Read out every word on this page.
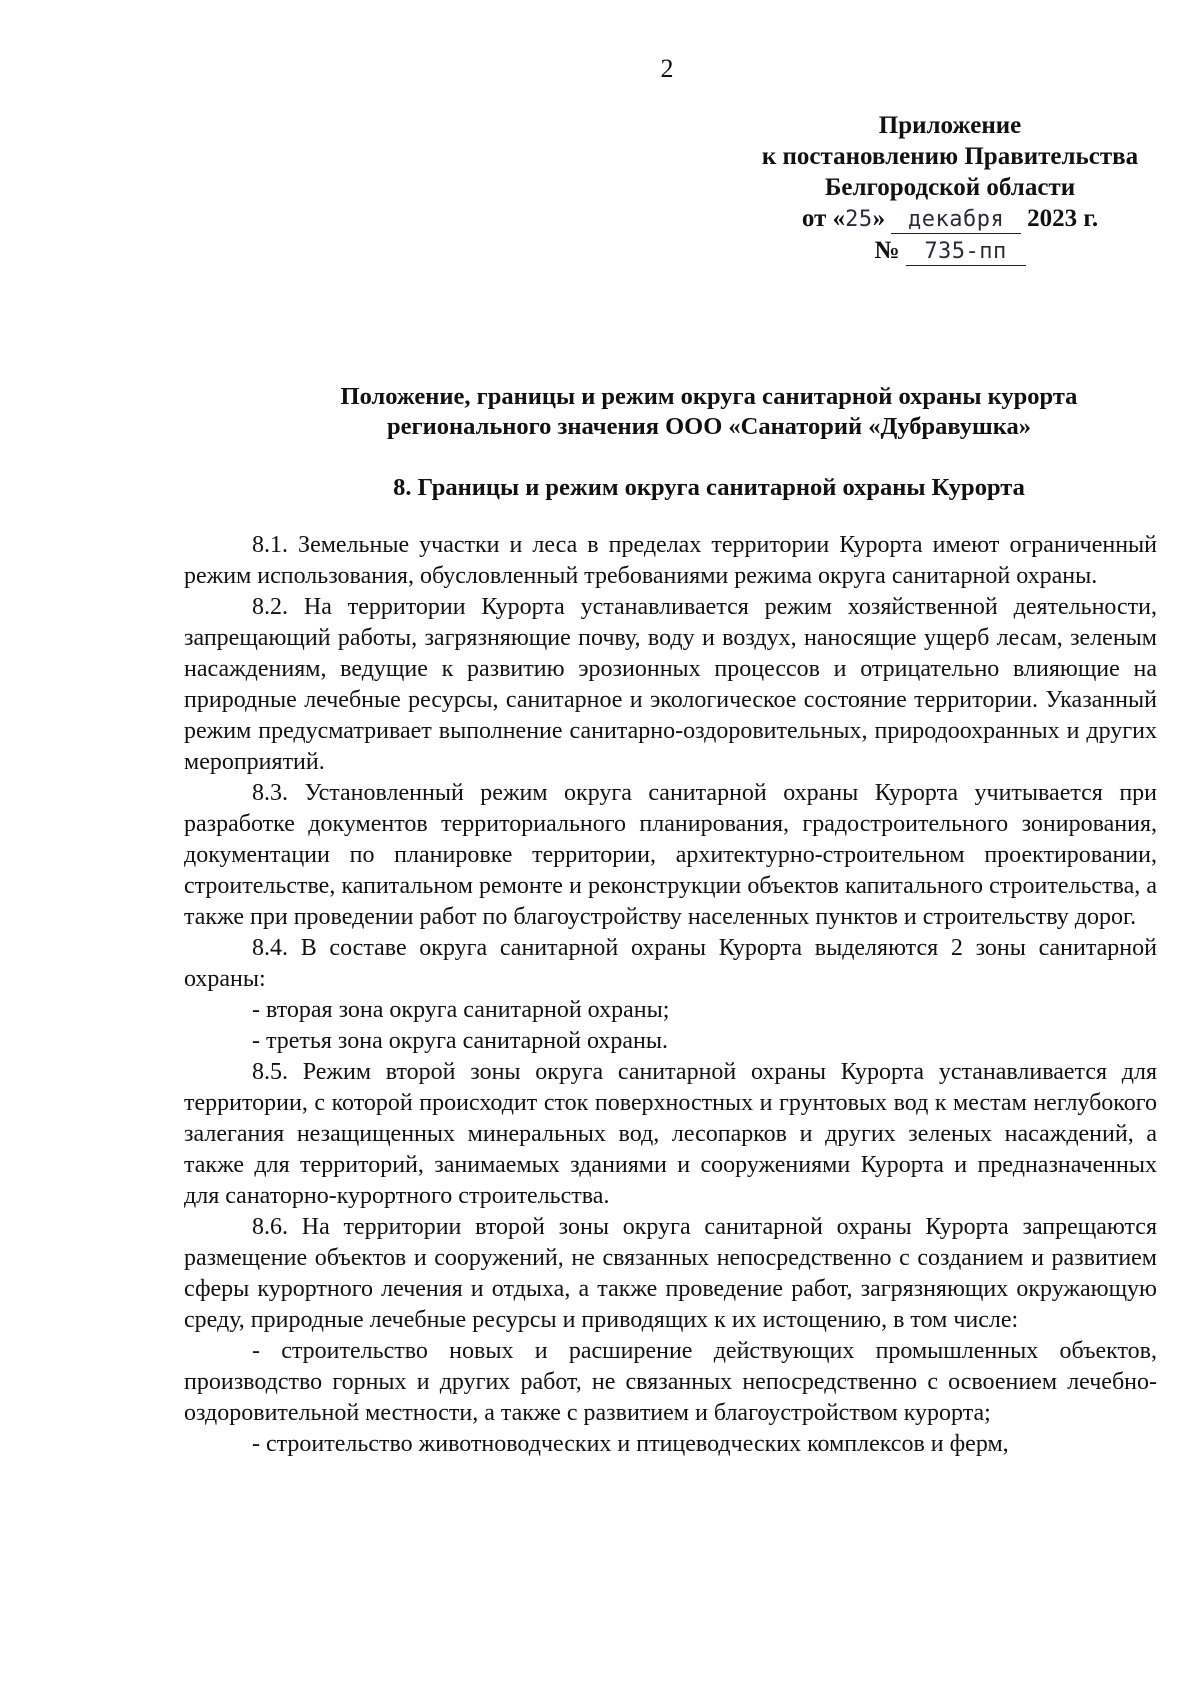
2
Приложение
к постановлению Правительства
Белгородской области
от «25» декабря 2023 г.
№ 735-пп
Положение, границы и режим округа санитарной охраны курорта
регионального значения ООО «Санаторий «Дубравушка»
8. Границы и режим округа санитарной охраны Курорта

8.1. Земельные участки и леса в пределах территории Курорта имеют ограниченный режим использования, обусловленный требованиями режима округа санитарной охраны.

8.2. На территории Курорта устанавливается режим хозяйственной деятельности, запрещающий работы, загрязняющие почву, воду и воздух, наносящие ущерб лесам, зеленым насаждениям, ведущие к развитию эрозионных процессов и отрицательно влияющие на природные лечебные ресурсы, санитарное и экологическое состояние территории. Указанный режим предусматривает выполнение санитарно-оздоровительных, природоохранных и других мероприятий.

8.3. Установленный режим округа санитарной охраны Курорта учитывается при разработке документов территориального планирования, градостроительного зонирования, документации по планировке территории, архитектурно-строительном проектировании, строительстве, капитальном ремонте и реконструкции объектов капитального строительства, а также при проведении работ по благоустройству населенных пунктов и строительству дорог.

8.4. В составе округа санитарной охраны Курорта выделяются 2 зоны санитарной охраны:

- вторая зона округа санитарной охраны;

- третья зона округа санитарной охраны.

8.5. Режим второй зоны округа санитарной охраны Курорта устанавливается для территории, с которой происходит сток поверхностных и грунтовых вод к местам неглубокого залегания незащищенных минеральных вод, лесопарков и других зеленых насаждений, а также для территорий, занимаемых зданиями и сооружениями Курорта и предназначенных для санаторно-курортного строительства.

8.6. На территории второй зоны округа санитарной охраны Курорта запрещаются размещение объектов и сооружений, не связанных непосредственно с созданием и развитием сферы курортного лечения и отдыха, а также проведение работ, загрязняющих окружающую среду, природные лечебные ресурсы и приводящих к их истощению, в том числе:

- строительство новых и расширение действующих промышленных объектов, производство горных и других работ, не связанных непосредственно с освоением лечебно-оздоровительной местности, а также с развитием и благоустройством курорта;

- строительство животноводческих и птицеводческих комплексов и ферм,
